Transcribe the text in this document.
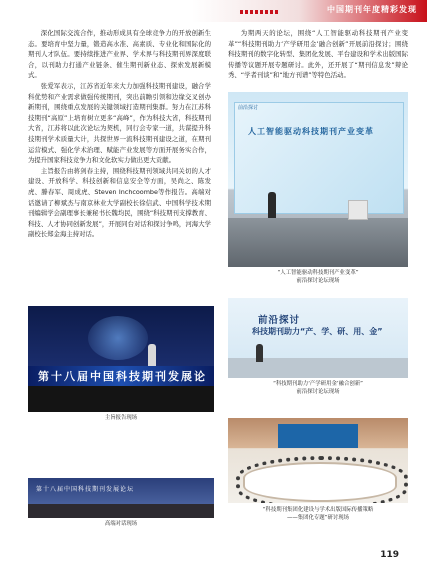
中国期刊年度精彩发现

深化国际交流合作，推动形成具有全球竞争力的开放创新生态。要培育中坚力量，锻造高水准、高素质、专业化和国际化的期刊人才队伍。要持续推进产业界、学术界与科技期刊界深度联合，以刊助力打通产业链条、催生期刊新业态、探索发展新模式。

张爱军表示，江苏省近年来大力加强科技期刊建设，融合学科优势和产业需求做强传统期刊，突出前瞻引领和边缘交叉创办新期刊，围绕重点发展的关键领域打造期刊集群。努力在江苏科技期刊“高原”上培育树立更多“高峰”，作为科技大省，科技期刊大省，江苏将以此次论坛为契机，同行会专家一道，共谋提升科技期刊学术质量大计，共探世界一流科技期刊建设之道，在期刊运营模式、强化学术治理、赋能产业发展等方面开展务实合作，为提升国家科技竞争力和文化软实力做出更大贡献。

主旨报告由蒋剑春主持，围绕科技期刊领域共同关切的人才建设、开放科学、科技创新和信息安全等方面，吴尚之、陈发虎、滕春军、周成虎、Steven Inchcoombe等作报告。高端对话邀请了柳斌杰与南京林业大学副校长徐信武、中国科学技术期刊编辑学会副理事长兼秘书长魏均民，围绕“科技期刊支撑教育、科技、人才协同创新发展”，开展同台对话和探讨争鸣，河海大学副校长郑金海主持对话。

为期两天的论坛，围绕“人工智能驱动科技期刊产业变革”“科技期刊助力‘产学研用金’融合创新”开展前沿探讨；围绕科技期刊的数字化转型、集团化发展、平台建设和学术出版国际传播等议题开展专题研讨。此外，还开展了“期刊信息发”辩论秀、“学者刊谈”和“地方刊谱”等特色活动。

前沿探讨
人工智能驱动科技期刊产业变革
“人工智能驱动科技期刊产业变革”
前沿探讨论坛现场
前沿探讨
科技期刊助力“产、学、研、用、金”
“科技期刊助力‘产学研用金’融合创新”
前沿探讨论坛现场
第十八届中国科技期刊发展论
主旨报告现场
第十八届中国科技期刊发展论坛
高端对话现场
“科技期刊集团化建设与学术出版国际传播策略
——集团化专题”研讨现场
119
